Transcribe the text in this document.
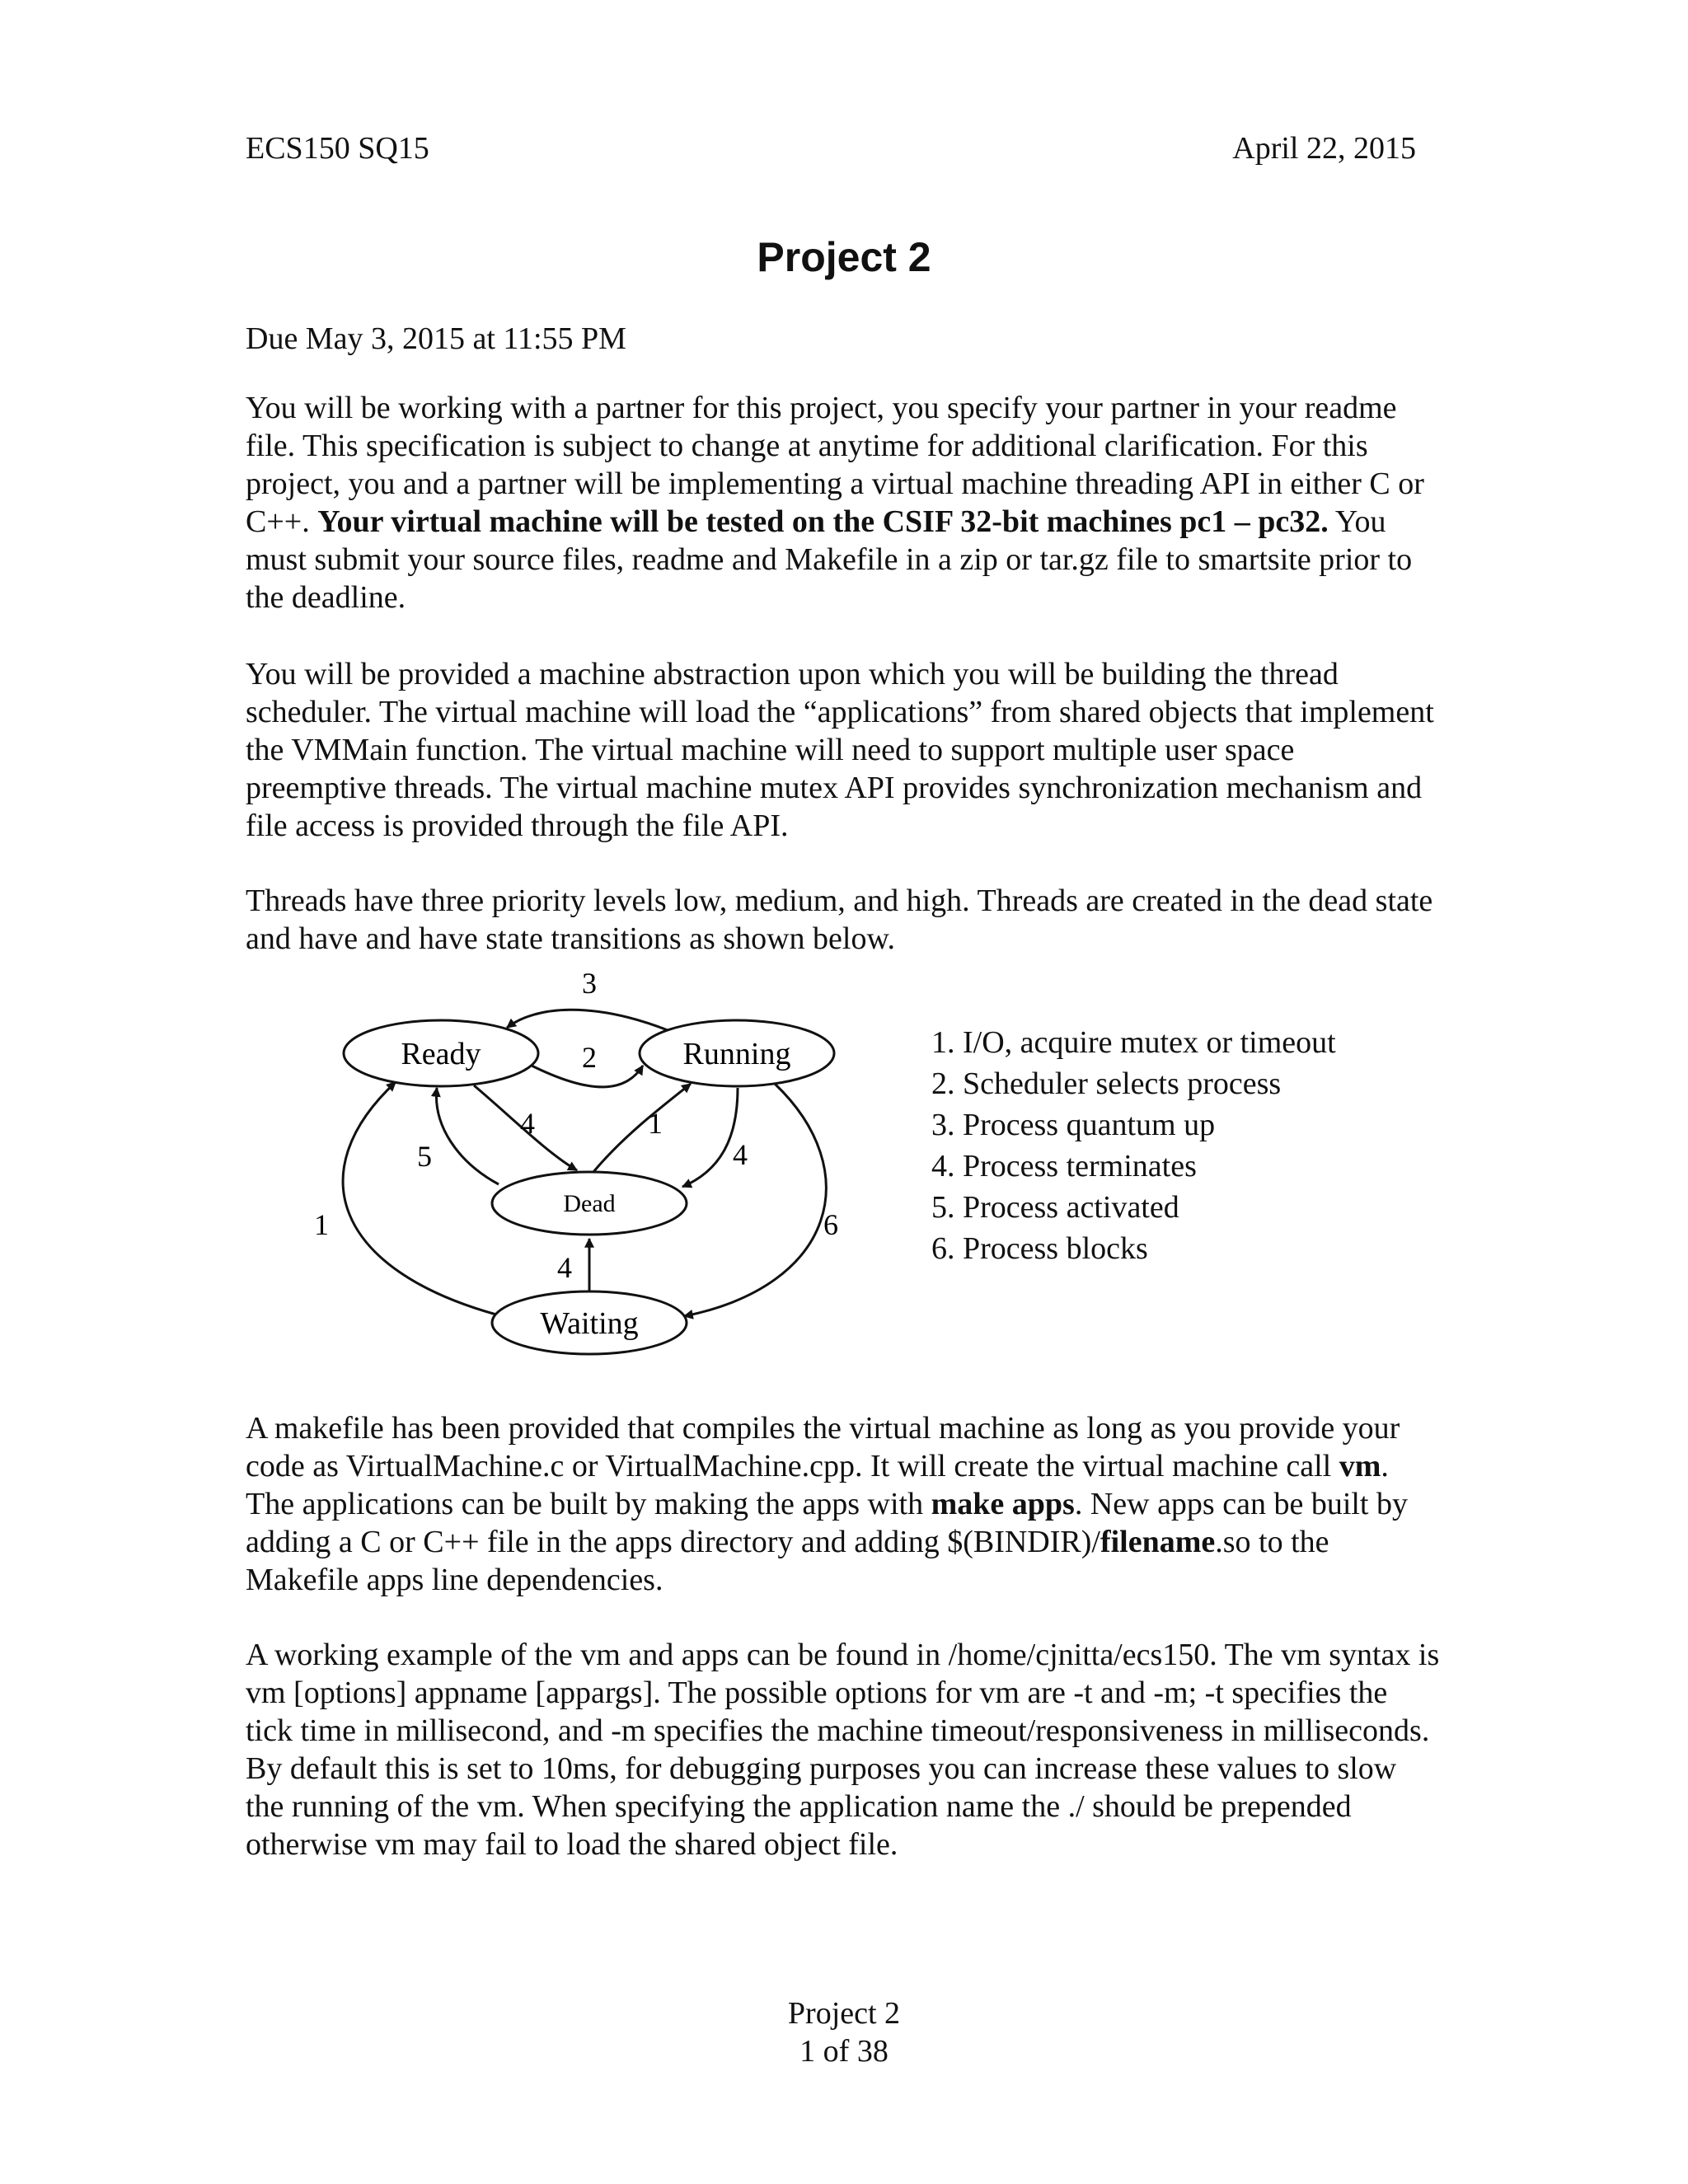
ECS150 SQ15	April 22, 2015
Project 2
Due May 3, 2015 at 11:55 PM

You will be working with a partner for this project, you specify your partner in your readme file. This specification is subject to change at anytime for additional clarification. For this project, you and a partner will be implementing a virtual machine threading API in either C or C++. Your virtual machine will be tested on the CSIF 32-bit machines pc1 – pc32. You must submit your source files, readme and Makefile in a zip or tar.gz file to smartsite prior to the deadline.

You will be provided a machine abstraction upon which you will be building the thread scheduler. The virtual machine will load the “applications” from shared objects that implement the VMMain function. The virtual machine will need to support multiple user space preemptive threads. The virtual machine mutex API provides synchronization mechanism and file access is provided through the file API.

Threads have three priority levels low, medium, and high. Threads are created in the dead state and have and have state transitions as shown below.

Ready	Running
Dead
Waiting
3
2
4
5
1
4
1	6
4
1. I/O, acquire mutex or timeout
2. Scheduler selects process
3. Process quantum up
4. Process terminates
5. Process activated
6. Process blocks

A makefile has been provided that compiles the virtual machine as long as you provide your code as VirtualMachine.c or VirtualMachine.cpp. It will create the virtual machine call vm. The applications can be built by making the apps with make apps. New apps can be built by adding a C or C++ file in the apps directory and adding $(BINDIR)/filename.so to the Makefile apps line dependencies.

A working example of the vm and apps can be found in /home/cjnitta/ecs150. The vm syntax is vm [options] appname [appargs]. The possible options for vm are -t and -m; -t specifies the tick time in millisecond, and -m specifies the machine timeout/responsiveness in milliseconds. By default this is set to 10ms, for debugging purposes you can increase these values to slow the running of the vm. When specifying the application name the ./ should be prepended otherwise vm may fail to load the shared object file.

Project 2
1 of 38
